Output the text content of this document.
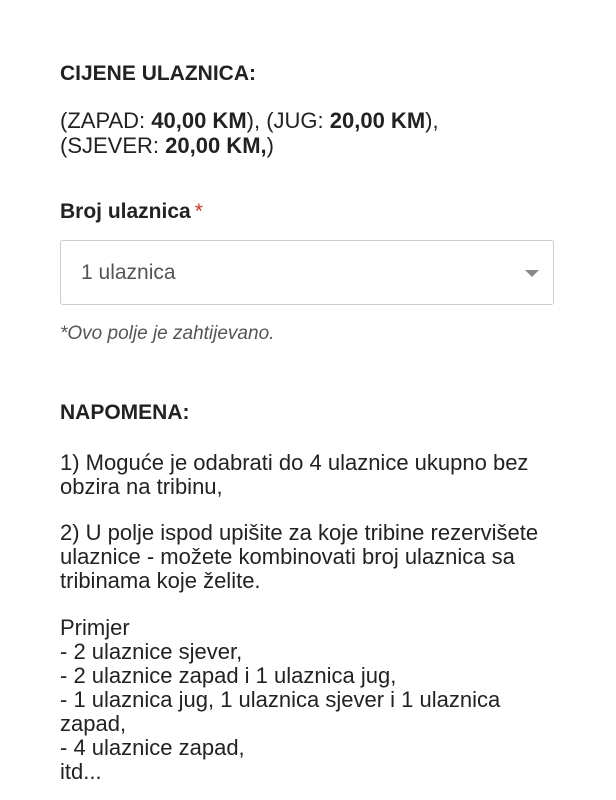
CIJENE ULAZNICA:
(ZAPAD: 40,00 KM), (JUG: 20,00 KM),
(SJEVER: 20,00 KM,)
Broj ulaznica *
1 ulaznica
*Ovo polje je zahtijevano.
NAPOMENA:
1) Moguće je odabrati do 4 ulaznice ukupno bez obzira na tribinu,
2) U polje ispod upišite za koje tribine rezervišete ulaznice - možete kombinovati broj ulaznica sa tribinama koje želite.
Primjer
- 2 ulaznice sjever,
- 2 ulaznice zapad i 1 ulaznica jug,
- 1 ulaznica jug, 1 ulaznica sjever i 1 ulaznica zapad,
- 4 ulaznice zapad,
itd...
